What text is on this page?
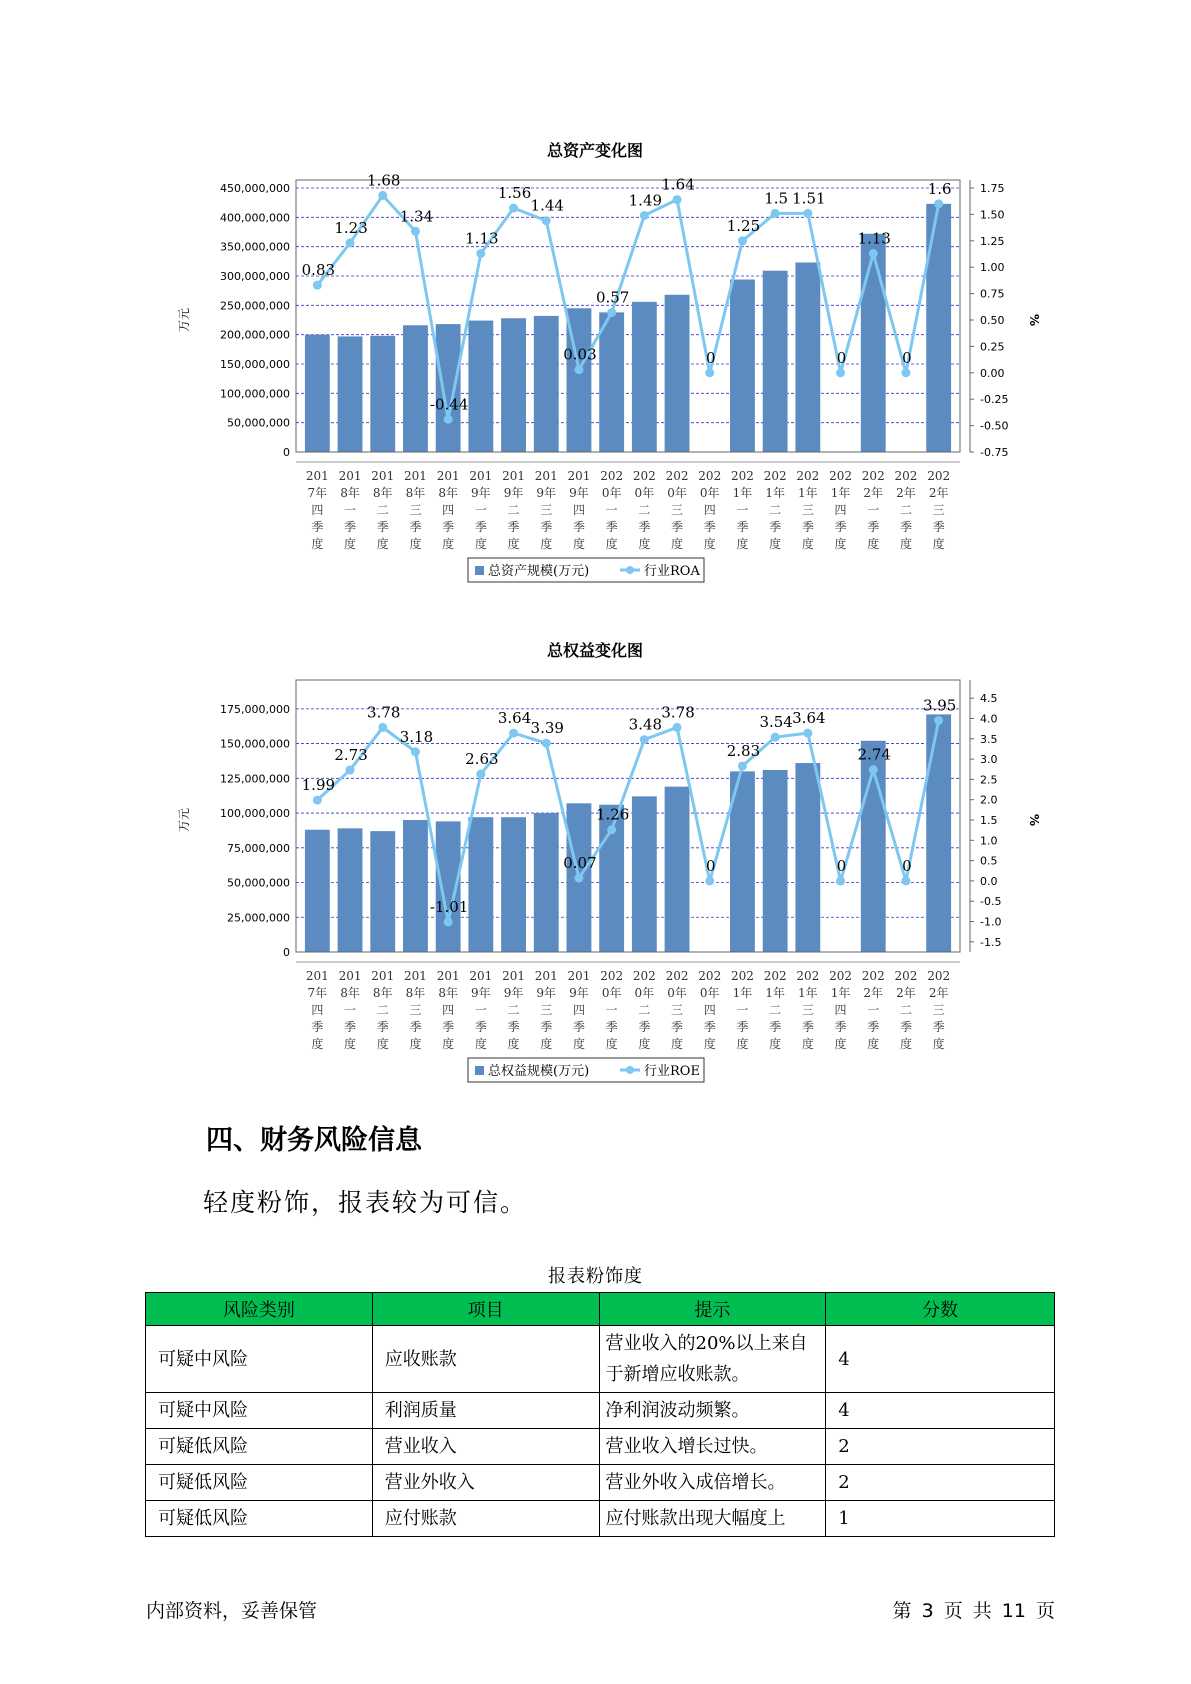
总资产变化图
0
50,000,000
100,000,000
150,000,000
200,000,000
250,000,000
300,000,000
350,000,000
400,000,000
450,000,000
-0.75
-0.50
-0.25
0.00
0.25
0.50
0.75
1.00
1.25
1.50
1.75
万元	%
0.83
1.23
1.68
1.34
-0.44
1.13
1.56
1.44
0.03
0.57
1.49
1.64
0
1.25
1.5 1.51
0
1.13
0
1.6
201
7年
四
季
度
201
8年
一
季
度
201
8年
二
季
度
201
8年
三
季
度
201
8年
四
季
度
201
9年
一
季
度
201
9年
二
季
度
201
9年
三
季
度
201
9年
四
季
度
202
0年
一
季
度
202
0年
二
季
度
202
0年
三
季
度
202
0年
四
季
度
202
1年
一
季
度
202
1年
二
季
度
202
1年
三
季
度
202
1年
四
季
度
202
2年
一
季
度
202
2年
二
季
度
202
2年
三
季
度
总资产规模(万元)	行业ROA
总权益变化图
0
25,000,000
50,000,000
75,000,000
100,000,000
125,000,000
150,000,000
175,000,000
-1.5
-1.0
-0.5
0.0
0.5
1.0
1.5
2.0
2.5
3.0
3.5
4.0
4.5
万元	%
1.99
2.73
3.78
3.18
-1.01
2.63
3.64
3.39
0.07
1.26
3.48
3.78
0
2.83
3.54 3.64
0
2.74
0
3.95
201
7年
四
季
度
201
8年
一
季
度
201
8年
二
季
度
201
8年
三
季
度
201
8年
四
季
度
201
9年
一
季
度
201
9年
二
季
度
201
9年
三
季
度
201
9年
四
季
度
202
0年
一
季
度
202
0年
二
季
度
202
0年
三
季
度
202
0年
四
季
度
202
1年
一
季
度
202
1年
二
季
度
202
1年
三
季
度
202
1年
四
季
度
202
2年
一
季
度
202
2年
二
季
度
202
2年
三
季
度
总权益规模(万元)	行业ROE
四、财务风险信息

轻度粉饰，报表较为可信。

报表粉饰度
风险类别	项目	提示	分数
可疑中风险	应收账款	营业收入的20%以上来自于新增应收账款。	4
可疑中风险	利润质量	净利润波动频繁。	4
可疑低风险	营业收入	营业收入增长过快。	2
可疑低风险	营业外收入	营业外收入成倍增长。	2
可疑低风险	应付账款	应付账款出现大幅度上	1
内部资料，妥善保管	第 3 页 共 11 页
